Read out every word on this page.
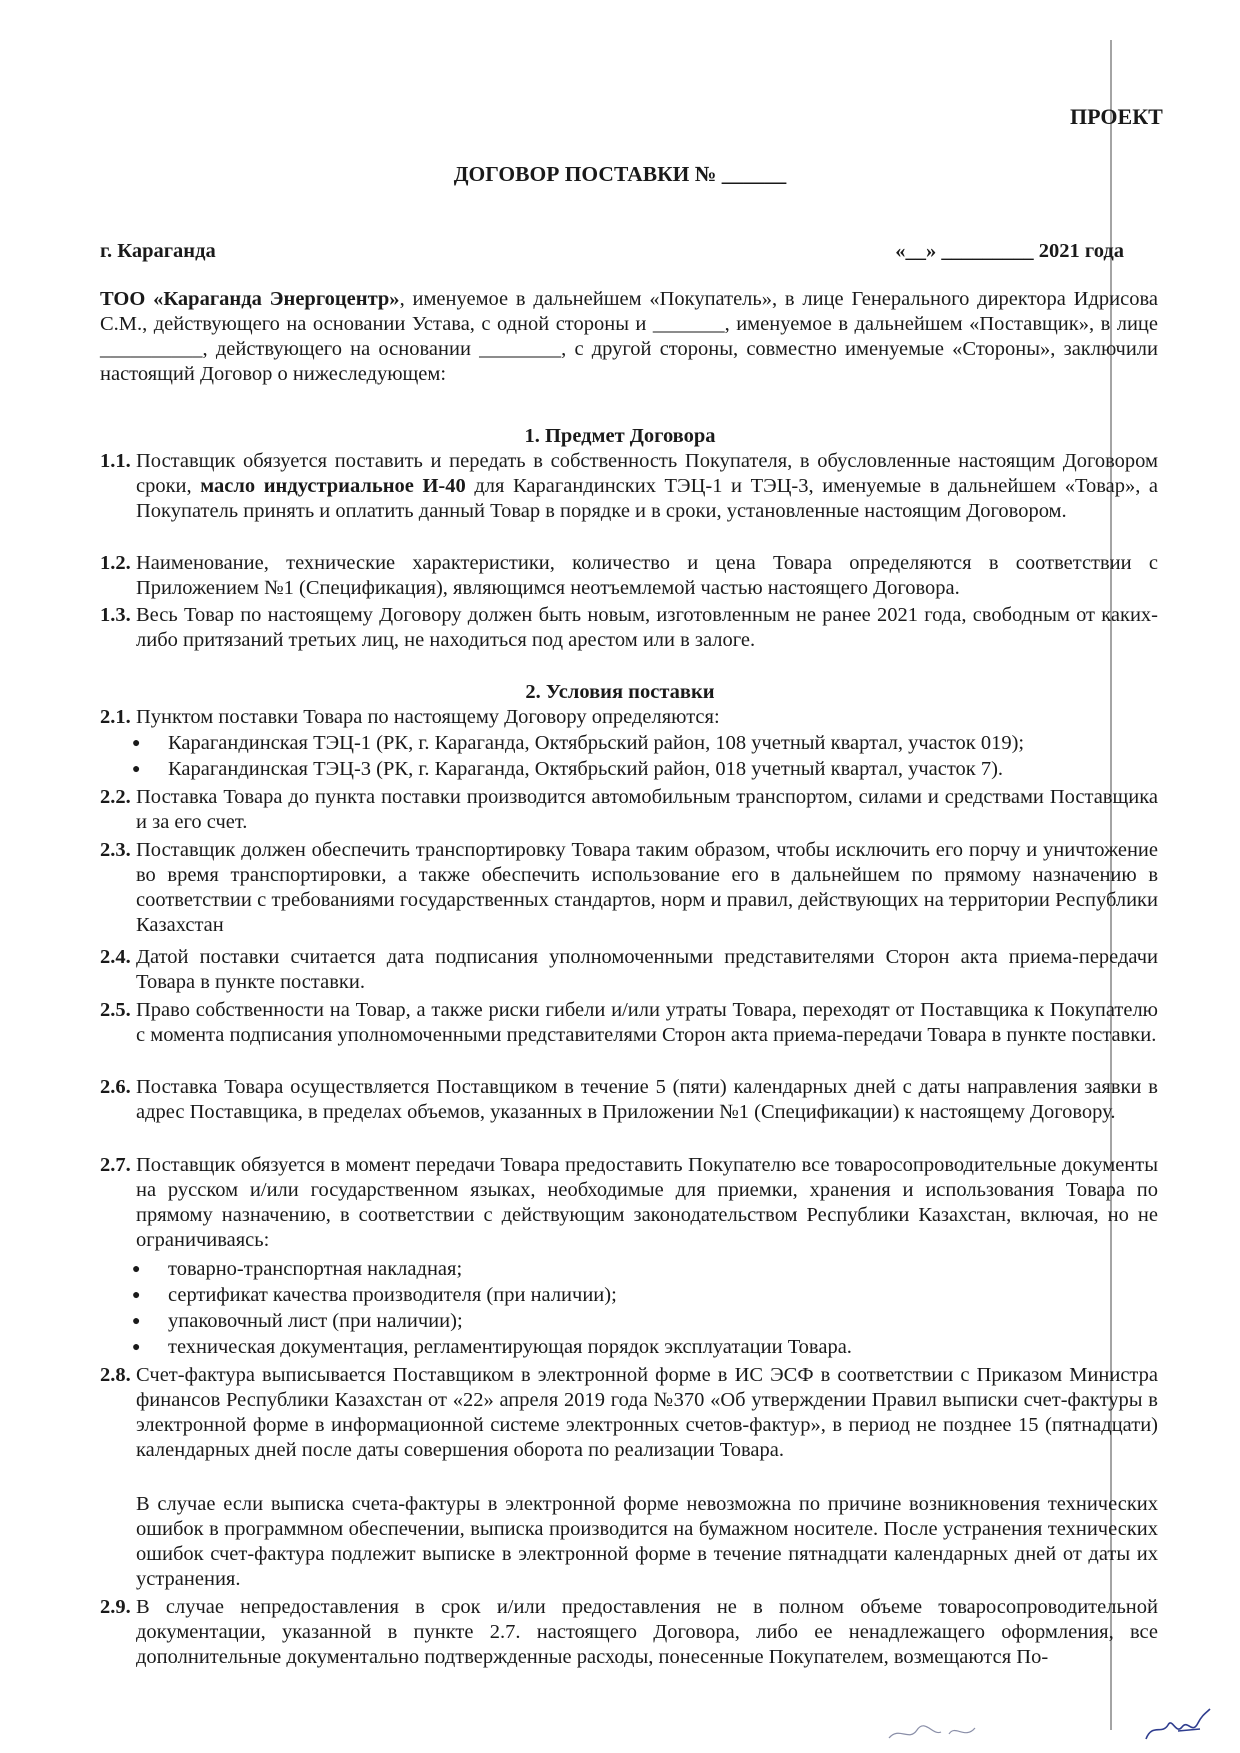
ПРОЕКТ
ДОГОВОР ПОСТАВКИ № ______
г. Караганда	«__» _________ 2021 года
ТОО «Караганда Энергоцентр», именуемое в дальнейшем «Покупатель», в лице Генерального директора Идрисова С.М., действующего на основании Устава, с одной стороны и _______, именуемое в дальнейшем «Поставщик», в лице __________, действующего на основании ________, с другой стороны, совместно именуемые «Стороны», заключили настоящий Договор о нижеследующем:
1. Предмет Договора
1.1. Поставщик обязуется поставить и передать в собственность Покупателя, в обусловленные настоящим Договором сроки, масло индустриальное И-40 для Карагандинских ТЭЦ-1 и ТЭЦ-3, именуемые в дальнейшем «Товар», а Покупатель принять и оплатить данный Товар в порядке и в сроки, установленные настоящим Договором.
1.2. Наименование, технические характеристики, количество и цена Товара определяются в соответствии с Приложением №1 (Спецификация), являющимся неотъемлемой частью настоящего Договора.
1.3. Весь Товар по настоящему Договору должен быть новым, изготовленным не ранее 2021 года, свободным от каких-либо притязаний третьих лиц, не находиться под арестом или в залоге.
2. Условия поставки
2.1. Пунктом поставки Товара по настоящему Договору определяются:
●	Карагандинская ТЭЦ-1 (РК, г. Караганда, Октябрьский район, 108 учетный квартал, участок 019);
●	Карагандинская ТЭЦ-3 (РК, г. Караганда, Октябрьский район, 018 учетный квартал, участок 7).
2.2. Поставка Товара до пункта поставки производится автомобильным транспортом, силами и средствами Поставщика и за его счет.
2.3. Поставщик должен обеспечить транспортировку Товара таким образом, чтобы исключить его порчу и уничтожение во время транспортировки, а также обеспечить использование его в дальнейшем по прямому назначению в соответствии с требованиями государственных стандартов, норм и правил, действующих на территории Республики Казахстан
2.4. Датой поставки считается дата подписания уполномоченными представителями Сторон акта приема-передачи Товара в пункте поставки.
2.5. Право собственности на Товар, а также риски гибели и/или утраты Товара, переходят от Поставщика к Покупателю с момента подписания уполномоченными представителями Сторон акта приема-передачи Товара в пункте поставки.
2.6. Поставка Товара осуществляется Поставщиком в течение 5 (пяти) календарных дней с даты направления заявки в адрес Поставщика, в пределах объемов, указанных в Приложении №1 (Спецификации) к настоящему Договору.
2.7. Поставщик обязуется в момент передачи Товара предоставить Покупателю все товаросопроводительные документы на русском и/или государственном языках, необходимые для приемки, хранения и использования Товара по прямому назначению, в соответствии с действующим законодательством Республики Казахстан, включая, но не ограничиваясь:
●	товарно-транспортная накладная;
●	сертификат качества производителя (при наличии);
●	упаковочный лист (при наличии);
●	техническая документация, регламентирующая порядок эксплуатации Товара.
2.8. Счет-фактура выписывается Поставщиком в электронной форме в ИС ЭСФ в соответствии с Приказом Министра финансов Республики Казахстан от «22» апреля 2019 года №370 «Об утверждении Правил выписки счет-фактуры в электронной форме в информационной системе электронных счетов-фактур», в период не позднее 15 (пятнадцати) календарных дней после даты совершения оборота по реализации Товара.
В случае если выписка счета-фактуры в электронной форме невозможна по причине возникновения технических ошибок в программном обеспечении, выписка производится на бумажном носителе. После устранения технических ошибок счет-фактура подлежит выписке в электронной форме в течение пятнадцати календарных дней от даты их устранения.
2.9. В случае непредоставления в срок и/или предоставления не в полном объеме товаросопроводительной документации, указанной в пункте 2.7. настоящего Договора, либо ее ненадлежащего оформления, все дополнительные документально подтвержденные расходы, понесенные Покупателем, возмещаются По-
